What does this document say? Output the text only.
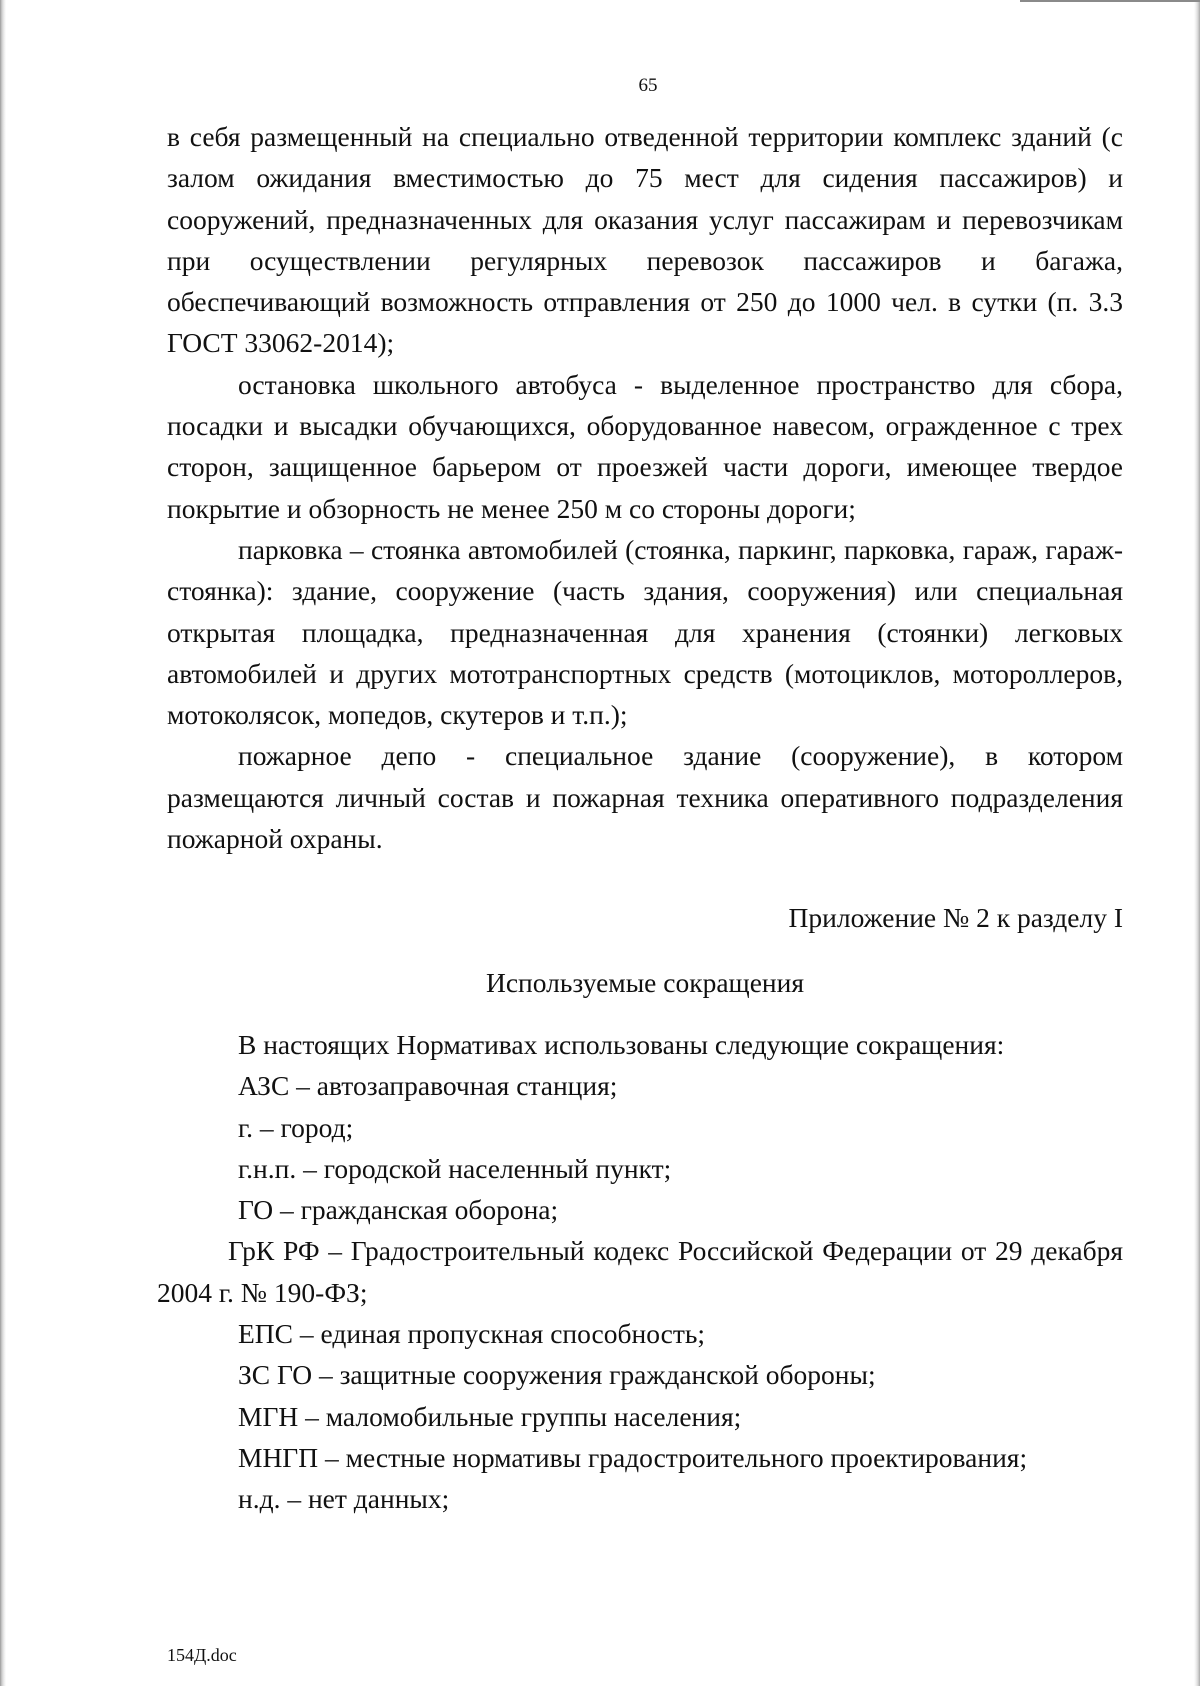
65

в себя размещенный на специально отведенной территории комплекс зданий (с залом ожидания вместимостью до 75 мест для сидения пассажиров) и сооружений, предназначенных для оказания услуг пассажирам и перевозчикам при осуществлении регулярных перевозок пассажиров и багажа, обеспечивающий возможность отправления от 250 до 1000 чел. в сутки (п. 3.3 ГОСТ 33062-2014);

остановка школьного автобуса - выделенное пространство для сбора, посадки и высадки обучающихся, оборудованное навесом, огражденное с трех сторон, защищенное барьером от проезжей части дороги, имеющее твердое покрытие и обзорность не менее 250 м со стороны дороги;

парковка – стоянка автомобилей (стоянка, паркинг, парковка, гараж, гараж-стоянка): здание, сооружение (часть здания, сооружения) или специальная открытая площадка, предназначенная для хранения (стоянки) легковых автомобилей и других мототранспортных средств (мотоциклов, мотороллеров, мотоколясок, мопедов, скутеров и т.п.);

пожарное депо - специальное здание (сооружение), в котором размещаются личный состав и пожарная техника оперативного подразделения пожарной охраны.

Приложение № 2 к разделу I

Используемые сокращения

В настоящих Нормативах использованы следующие сокращения:

АЗС – автозаправочная станция;

г. – город;

г.н.п. – городской населенный пункт;

ГО – гражданская оборона;

ГрК РФ – Градостроительный кодекс Российской Федерации от 29 декабря 2004 г. № 190-ФЗ;

ЕПС – единая пропускная способность;

ЗС ГО – защитные сооружения гражданской обороны;

МГН – маломобильные группы населения;

МНГП – местные нормативы градостроительного проектирования;

н.д. – нет данных;

154Д.doc
